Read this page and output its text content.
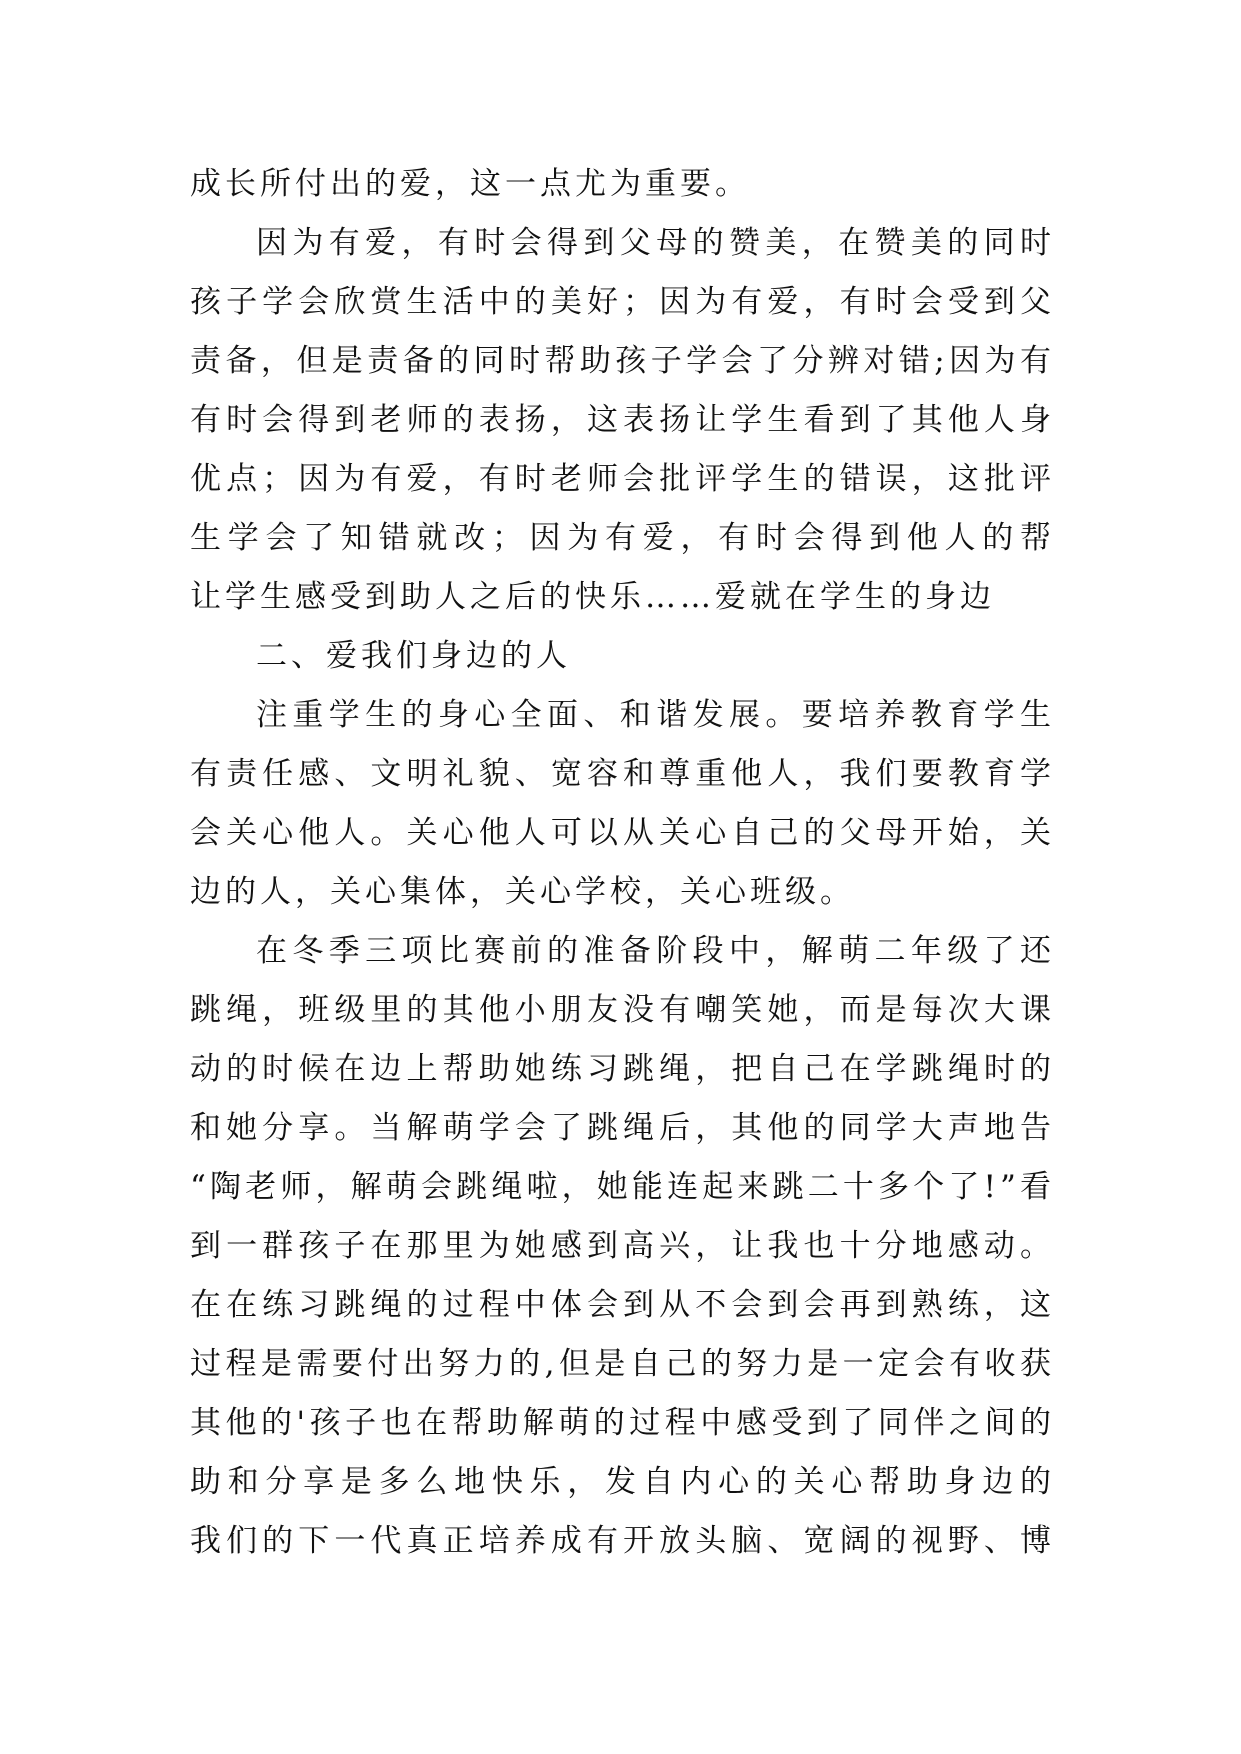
成长所付出的爱，这一点尤为重要。
因为有爱，有时会得到父母的赞美，在赞美的同时
孩子学会欣赏生活中的美好；因为有爱，有时会受到父
责备，但是责备的同时帮助孩子学会了分辨对错;因为有
有时会得到老师的表扬，这表扬让学生看到了其他人身
优点；因为有爱，有时老师会批评学生的错误，这批评
生学会了知错就改；因为有爱，有时会得到他人的帮
让学生感受到助人之后的快乐……爱就在学生的身边
二、爱我们身边的人
注重学生的身心全面、和谐发展。要培养教育学生
有责任感、文明礼貌、宽容和尊重他人，我们要教育学
会关心他人。关心他人可以从关心自己的父母开始，关
边的人，关心集体，关心学校，关心班级。
在冬季三项比赛前的准备阶段中，解萌二年级了还
跳绳，班级里的其他小朋友没有嘲笑她，而是每次大课
动的时候在边上帮助她练习跳绳，把自己在学跳绳时的
和她分享。当解萌学会了跳绳后，其他的同学大声地告
“陶老师，解萌会跳绳啦，她能连起来跳二十多个了!”看
到一群孩子在那里为她感到高兴，让我也十分地感动。
在在练习跳绳的过程中体会到从不会到会再到熟练，这
过程是需要付出努力的,但是自己的努力是一定会有收获
其他的'孩子也在帮助解萌的过程中感受到了同伴之间的
助和分享是多么地快乐，发自内心的关心帮助身边的
我们的下一代真正培养成有开放头脑、宽阔的视野、博
